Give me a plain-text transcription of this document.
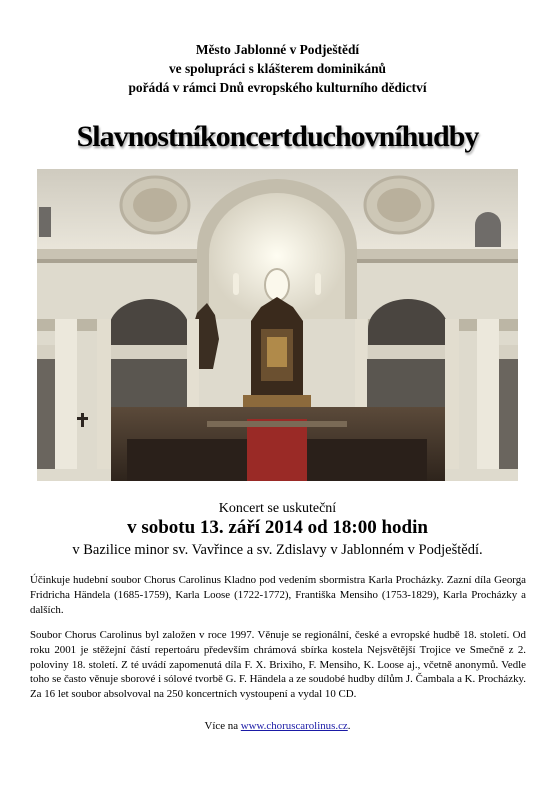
Město Jablonné v Podještědí
ve spolupráci s klášterem dominikánů
pořádá v rámci Dnů evropského kulturního dědictví
Slavnostníkoncertduchovníhudby
Koncert se uskuteční
v sobotu 13. září 2014 od 18:00 hodin
v Bazilice minor sv. Vavřince a sv. Zdislavy v Jablonném v Podještědí.
Účinkuje hudební soubor Chorus Carolinus Kladno pod vedením sbormistra Karla Procházky. Zazní díla Georga Fridricha Händela (1685-1759), Karla Loose (1722-1772), Františka Mensiho (1753-1829), Karla Procházky a dalších.
Soubor Chorus Carolinus byl založen v roce 1997. Věnuje se regionální, české a evropské hudbě 18. století. Od roku 2001 je stěžejní částí repertoáru především chrámová sbírka kostela Nejsvětější Trojice ve Smečně z 2. poloviny 18. století. Z té uvádí zapomenutá díla F. X. Brixiho, F. Mensiho, K. Loose aj., včetně anonymů. Vedle toho se často věnuje sborové i sólové tvorbě G. F. Händela a ze soudobé hudby dílům J. Čambala a K. Procházky. Za 16 let soubor absolvoval na 250 koncertních vystoupení a vydal 10 CD.
Více na www.choruscarolinus.cz.
